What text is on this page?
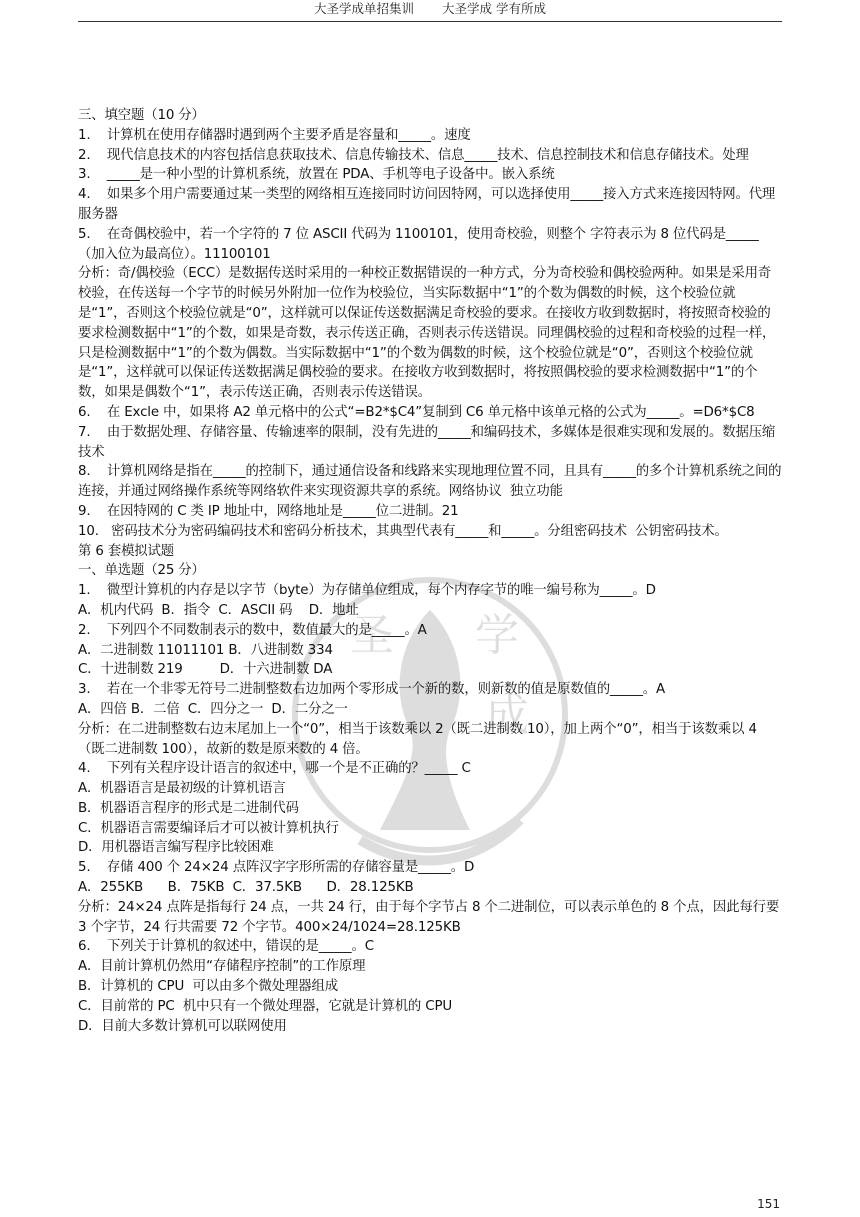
大圣学成单招集训 大圣学成 学有所成
圣 学
成
三、填空题（10 分）
1.    计算机在使用存储器时遇到两个主要矛盾是容量和_____。速度
2.    现代信息技术的内容包括信息获取技术、信息传输技术、信息_____技术、信息控制技术和信息存储技术。处理
3.    _____是一种小型的计算机系统，放置在 PDA、手机等电子设备中。嵌入系统
4.    如果多个用户需要通过某一类型的网络相互连接同时访问因特网，可以选择使用_____接入方式来连接因特网。代理服务器
5.    在奇偶校验中，若一个字符的 7 位 ASCII 代码为 1100101，使用奇校验，则整个 字符表示为 8 位代码是_____  （加入位为最高位）。11100101
分析：奇/偶校验（ECC）是数据传送时采用的一种校正数据错误的一种方式，分为奇校验和偶校验两种。如果是采用奇校验，在传送每一个字节的时候另外附加一位作为校验位，当实际数据中“1”的个数为偶数的时候，这个校验位就是“1”，否则这个校验位就是“0”，这样就可以保证传送数据满足奇校验的要求。在接收方收到数据时，将按照奇校验的要求检测数据中“1”的个数，如果是奇数，表示传送正确，否则表示传送错误。同理偶校验的过程和奇校验的过程一样，只是检测数据中“1”的个数为偶数。当实际数据中“1”的个数为偶数的时候，这个校验位就是“0”，否则这个校验位就是“1”，这样就可以保证传送数据满足偶校验的要求。在接收方收到数据时，将按照偶校验的要求检测数据中“1”的个数，如果是偶数个“1”，表示传送正确，否则表示传送错误。
6.    在 Excle 中，如果将 A2 单元格中的公式“=B2*$C4”复制到 C6 单元格中该单元格的公式为_____。=D6*$C8
7.    由于数据处理、存储容量、传输速率的限制，没有先进的_____和编码技术，多媒体是很难实现和发展的。数据压缩技术
8.    计算机网络是指在_____的控制下，通过通信设备和线路来实现地理位置不同，且具有_____的多个计算机系统之间的连接，并通过网络操作系统等网络软件来实现资源共享的系统。网络协议  独立功能
9.    在因特网的 C 类 IP 地址中，网络地址是_____位二进制。21
10.   密码技术分为密码编码技术和密码分析技术，其典型代表有_____和_____。分组密码技术  公钥密码技术。
第 6 套模拟试题
一、单选题（25 分）
1.    微型计算机的内存是以字节（byte）为存储单位组成，每个内存字节的唯一编号称为_____。D
A．机内代码  B．指令  C．ASCII 码    D．地址
2.    下列四个不同数制表示的数中，数值最大的是_____。A
A．二进制数 11011101 B．八进制数 334
C．十进制数 219         D．十六进制数 DA
3.    若在一个非零无符号二进制整数右边加两个零形成一个新的数，则新数的值是原数值的_____。A
A．四倍 B．二倍  C．四分之一  D．二分之一
分析：在二进制整数右边末尾加上一个“0”，相当于该数乘以 2（既二进制数 10），加上两个“0”，相当于该数乘以 4（既二进制数 100），故新的数是原来数的 4 倍。
4.    下列有关程序设计语言的叙述中，哪一个是不正确的？_____ C
A．机器语言是最初级的计算机语言
B．机器语言程序的形式是二进制代码
C．机器语言需要编译后才可以被计算机执行
D．用机器语言编写程序比较困难
5.    存储 400 个 24×24 点阵汉字字形所需的存储容量是_____。D
A．255KB      B．75KB  C．37.5KB      D．28.125KB
分析：24×24 点阵是指每行 24 点，一共 24 行，由于每个字节占 8 个二进制位，可以表示单色的 8 个点，因此每行要 3 个字节，24 行共需要 72 个字节。400×24/1024=28.125KB
6.    下列关于计算机的叙述中，错误的是_____。C
A．目前计算机仍然用“存储程序控制”的工作原理
B．计算机的 CPU  可以由多个微处理器组成
C．目前常的 PC  机中只有一个微处理器，它就是计算机的 CPU
D．目前大多数计算机可以联网使用
151
